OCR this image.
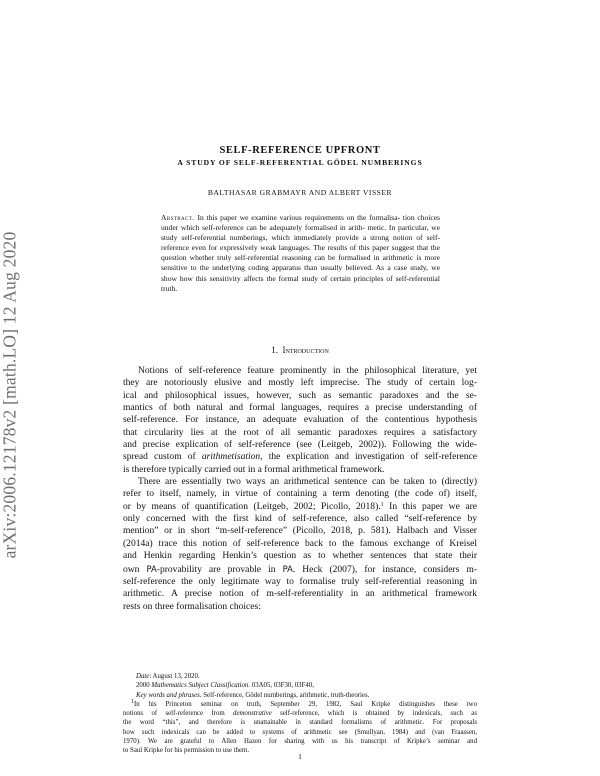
arXiv:2006.12178v2 [math.LO] 12 Aug 2020
SELF-REFERENCE UPFRONT
A STUDY OF SELF-REFERENTIAL GÖDEL NUMBERINGS
BALTHASAR GRABMAYR AND ALBERT VISSER
Abstract. In this paper we examine various requirements on the formalisa- tion choices under which self-reference can be adequately formalised in arith- metic. In particular, we study self-referential numberings, which immediately provide a strong notion of self-reference even for expressively weak languages. The results of this paper suggest that the question whether truly self-referential reasoning can be formalised in arithmetic is more sensitive to the underlying coding apparatus than usually believed. As a case study, we show how this sensitivity affects the formal study of certain principles of self-referential truth.
1. Introduction
Notions of self-reference feature prominently in the philosophical literature, yet
they are notoriously elusive and mostly left imprecise. The study of certain log-
ical and philosophical issues, however, such as semantic paradoxes and the se-
mantics of both natural and formal languages, requires a precise understanding of
self-reference. For instance, an adequate evaluation of the contentious hypothesis
that circularity lies at the root of all semantic paradoxes requires a satisfactory
and precise explication of self-reference (see (Leitgeb, 2002)). Following the wide-
spread custom of arithmetisation, the explication and investigation of self-reference
is therefore typically carried out in a formal arithmetical framework.
There are essentially two ways an arithmetical sentence can be taken to (directly)
refer to itself, namely, in virtue of containing a term denoting (the code of) itself,
or by means of quantification (Leitgeb, 2002; Picollo, 2018).$^1$ In this paper we are
only concerned with the first kind of self-reference, also called “self-reference by
mention” or in short “m-self-reference” (Picollo, 2018, p. 581). Halbach and Visser
(2014a) trace this notion of self-reference back to the famous exchange of Kreisel
and Henkin regarding Henkin’s question as to whether sentences that state their
own PA-provability are provable in PA. Heck (2007), for instance, considers m-
self-reference the only legitimate way to formalise truly self-referential reasoning in
arithmetic. A precise notion of m-self-referentiality in an arithmetical framework
rests on three formalisation choices:
Date: August 13, 2020.
2000 Mathematics Subject Classification. 03A05, 03F30, 03F40,
Key words and phrases. Self-reference, Gödel numberings, arithmetic, truth-theories.
$^1$In his Princeton seminar on truth, September 29, 1982, Saul Kripke distinguishes these two
notions of self-reference from demonstrative self-reference, which is obtained by indexicals, such as
the word “this”, and therefore is unattainable in standard formalisms of arithmetic. For proposals
how such indexicals can be added to systems of arithmetic see (Smullyan, 1984) and (van Fraassen,
1970). We are grateful to Allen Hazen for sharing with us his transcript of Kripke’s seminar and
to Saul Kripke for his permission to use them.
1
